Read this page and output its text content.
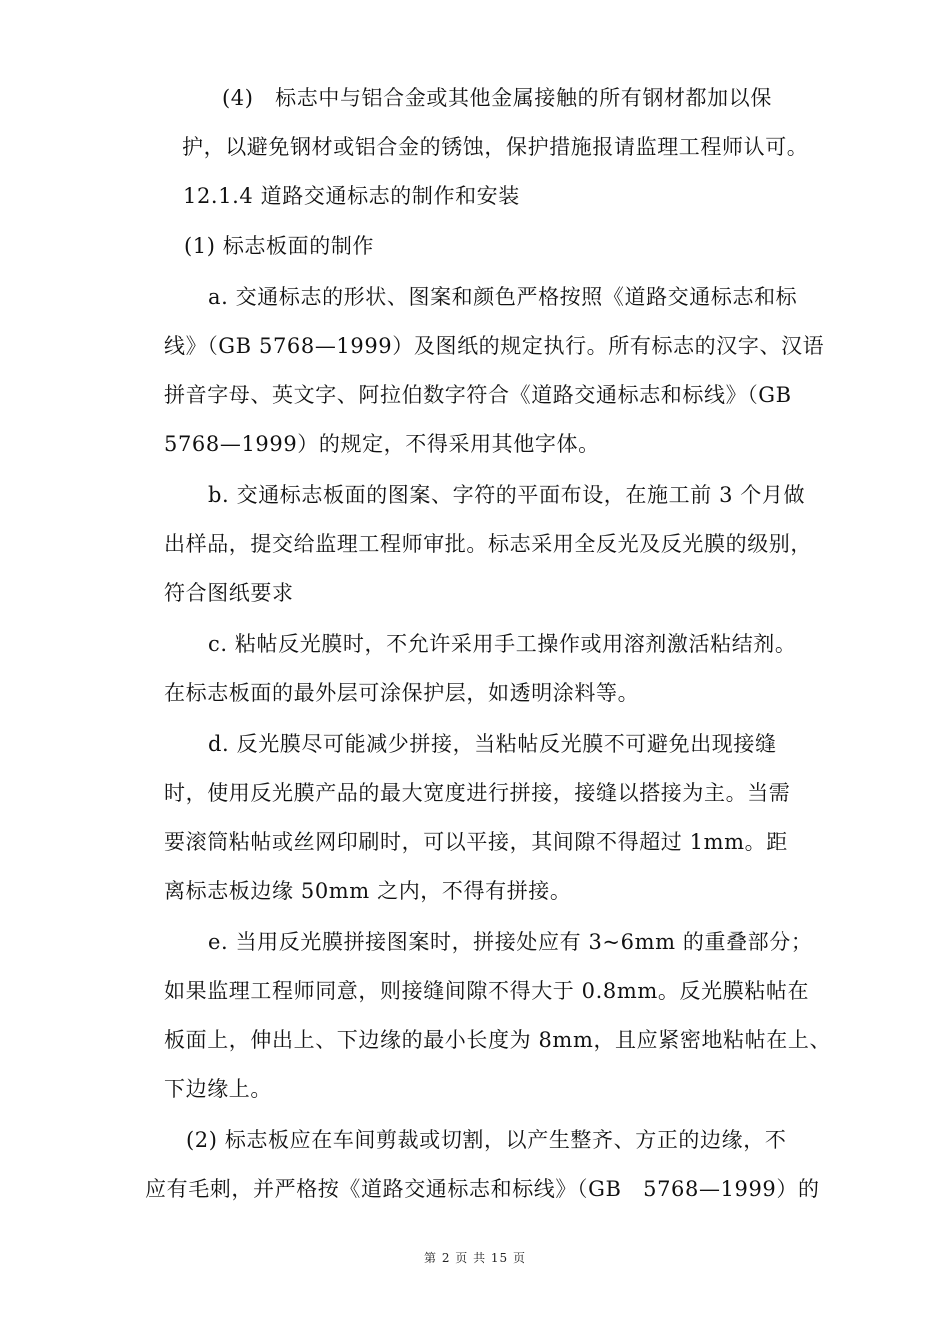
(4)　标志中与铝合金或其他金属接触的所有钢材都加以保
护，以避免钢材或铝合金的锈蚀，保护措施报请监理工程师认可。
12.1.4 道路交通标志的制作和安装
(1) 标志板面的制作
a. 交通标志的形状、图案和颜色严格按照《道路交通标志和标
线》（GB 5768—1999）及图纸的规定执行。所有标志的汉字、汉语
拼音字母、英文字、阿拉伯数字符合《道路交通标志和标线》（GB
5768—1999）的规定，不得采用其他字体。
b. 交通标志板面的图案、字符的平面布设，在施工前 3 个月做
出样品，提交给监理工程师审批。标志采用全反光及反光膜的级别，
符合图纸要求
c. 粘帖反光膜时，不允许采用手工操作或用溶剂激活粘结剂。
在标志板面的最外层可涂保护层，如透明涂料等。
d. 反光膜尽可能减少拼接，当粘帖反光膜不可避免出现接缝
时，使用反光膜产品的最大宽度进行拼接，接缝以搭接为主。当需
要滚筒粘帖或丝网印刷时，可以平接，其间隙不得超过 1mm。距
离标志板边缘 50mm 之内，不得有拼接。
e. 当用反光膜拼接图案时，拼接处应有 3~6mm 的重叠部分；
如果监理工程师同意，则接缝间隙不得大于 0.8mm。反光膜粘帖在
板面上，伸出上、下边缘的最小长度为 8mm，且应紧密地粘帖在上、
下边缘上。
(2) 标志板应在车间剪裁或切割，以产生整齐、方正的边缘，不
应有毛刺，并严格按《道路交通标志和标线》（GB　5768—1999）的
第 2 页 共 15 页
